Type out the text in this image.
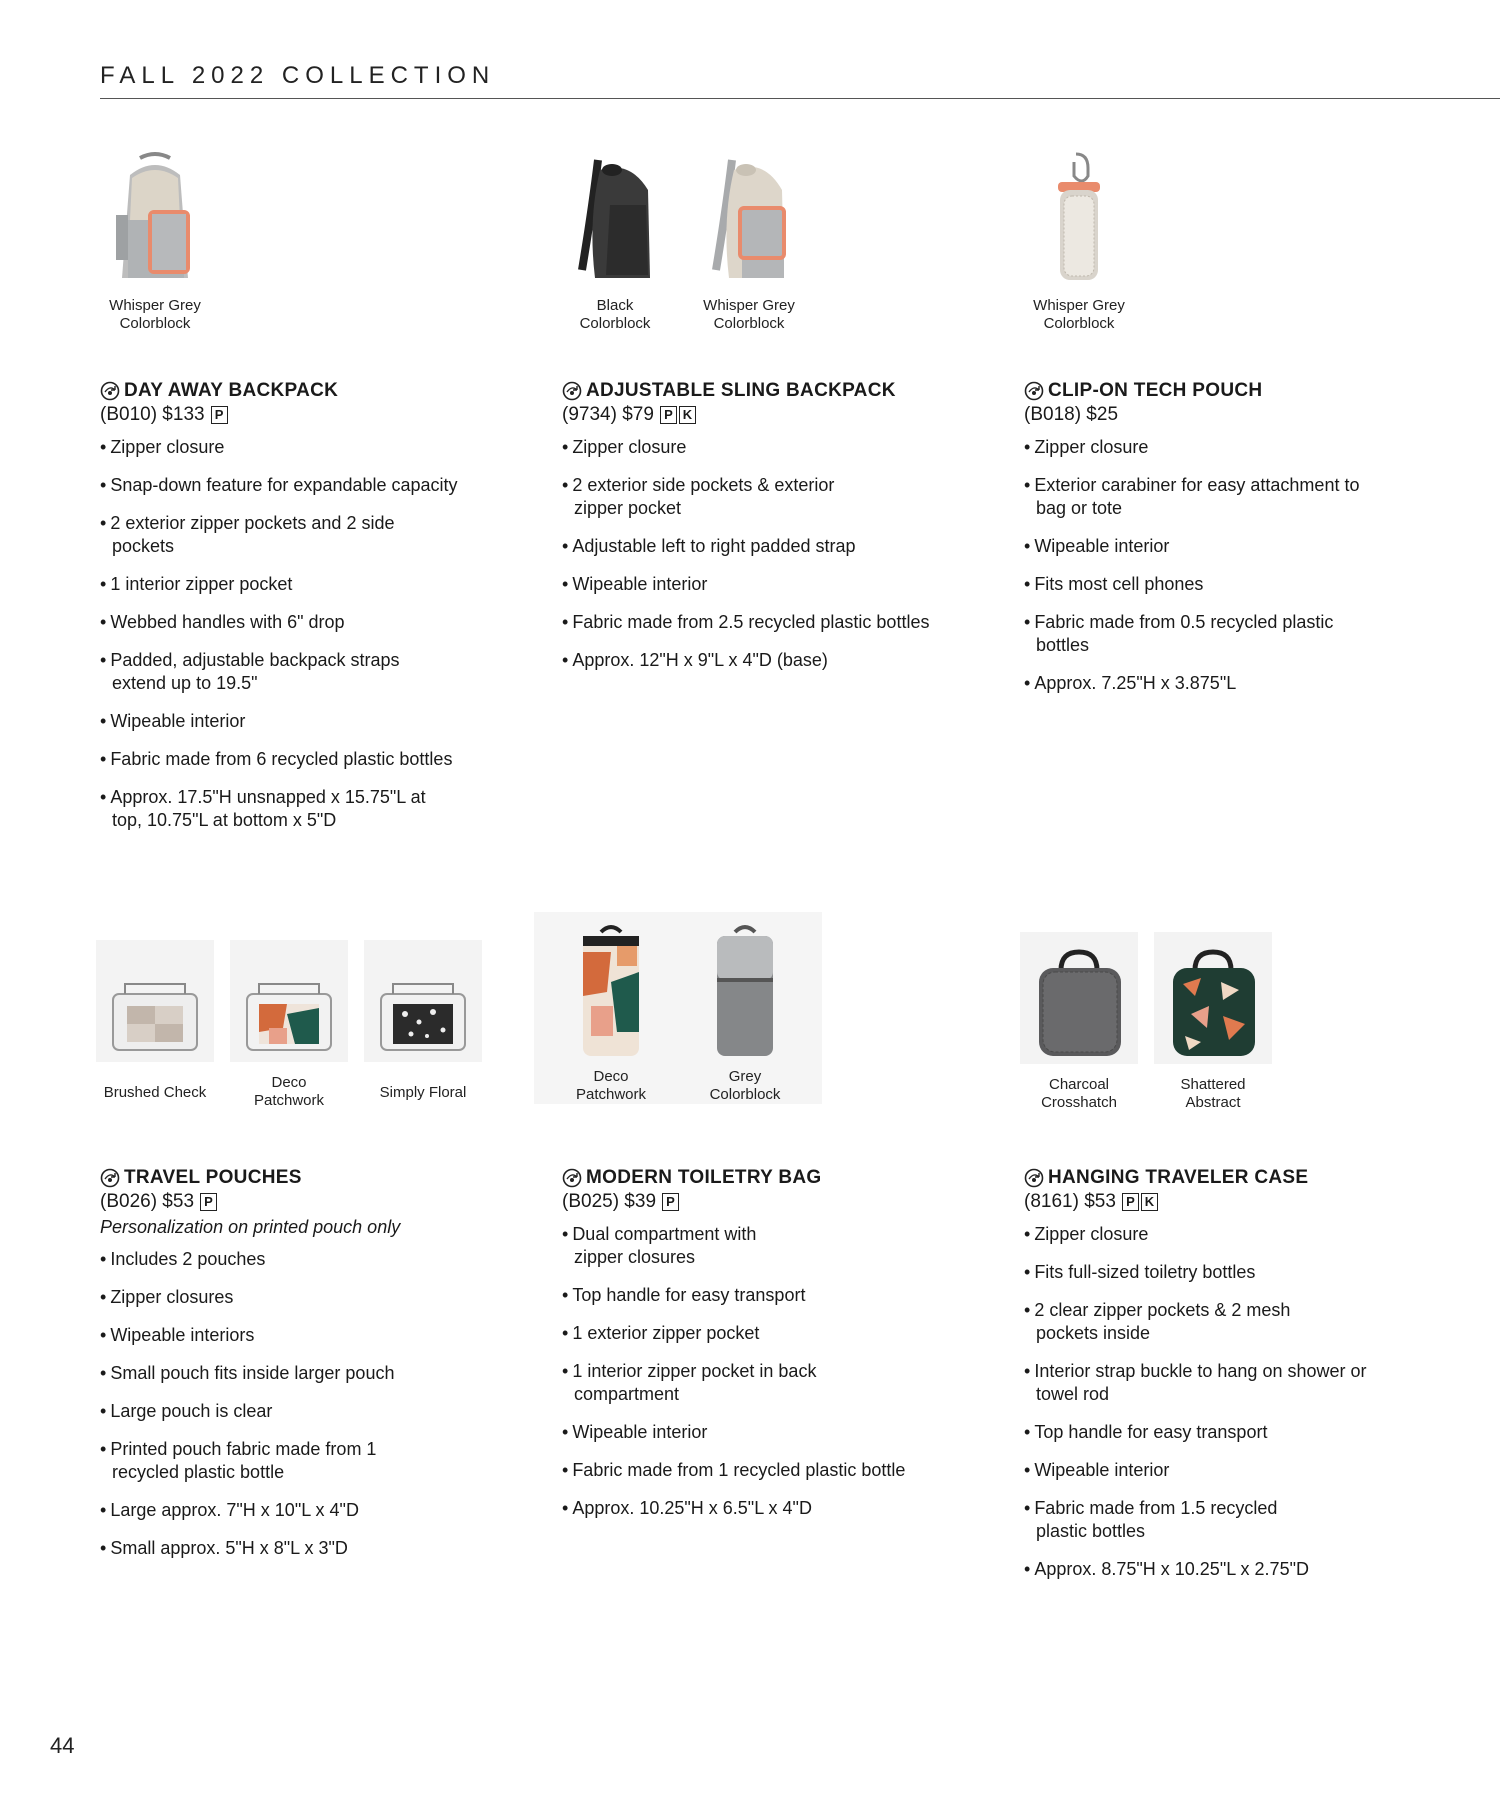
FALL 2022 COLLECTION
Whisper Grey
Colorblock
Black
Colorblock
Whisper Grey
Colorblock
Whisper Grey
Colorblock
DAY AWAY BACKPACK
(B010) $133 P
• Zipper closure
• Snap-down feature for expandable capacity
• 2 exterior zipper pockets and 2 side pockets
• 1 interior zipper pocket
• Webbed handles with 6" drop
• Padded, adjustable backpack straps extend up to 19.5"
• Wipeable interior
• Fabric made from 6 recycled plastic bottles
• Approx. 17.5"H unsnapped x 15.75"L at top, 10.75"L at bottom x 5"D
ADJUSTABLE SLING BACKPACK
(9734) $79 P K
• Zipper closure
• 2 exterior side pockets & exterior zipper pocket
• Adjustable left to right padded strap
• Wipeable interior
• Fabric made from 2.5 recycled plastic bottles
• Approx. 12"H x 9"L x 4"D (base)
CLIP-ON TECH POUCH
(B018) $25
• Zipper closure
• Exterior carabiner for easy attachment to bag or tote
• Wipeable interior
• Fits most cell phones
• Fabric made from 0.5 recycled plastic bottles
• Approx. 7.25"H x 3.875"L
Brushed Check
Deco
Patchwork	Simply Floral
Deco
Patchwork
Grey
Colorblock
Charcoal
Crosshatch
Shattered
Abstract
TRAVEL POUCHES
(B026) $53 P
Personalization on printed pouch only
• Includes 2 pouches
• Zipper closures
• Wipeable interiors
• Small pouch fits inside larger pouch
• Large pouch is clear
• Printed pouch fabric made from 1 recycled plastic bottle
• Large approx. 7"H x 10"L x 4"D
• Small approx. 5"H x 8"L x 3"D
MODERN TOILETRY BAG
(B025) $39 P
• Dual compartment with zipper closures
• Top handle for easy transport
• 1 exterior zipper pocket
• 1 interior zipper pocket in back compartment
• Wipeable interior
• Fabric made from 1 recycled plastic bottle
• Approx. 10.25"H x 6.5"L x 4"D
HANGING TRAVELER CASE
(8161) $53 P K
• Zipper closure
• Fits full-sized toiletry bottles
• 2 clear zipper pockets & 2 mesh pockets inside
• Interior strap buckle to hang on shower or towel rod
• Top handle for easy transport
• Wipeable interior
• Fabric made from 1.5 recycled plastic bottles
• Approx. 8.75"H x 10.25"L x 2.75"D
44
